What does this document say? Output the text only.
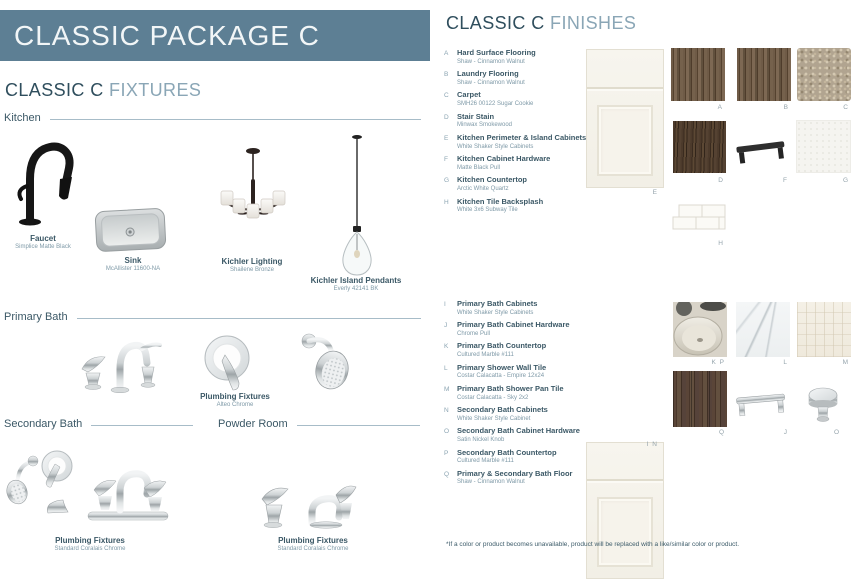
CLASSIC PACKAGE C
CLASSIC C FIXTURES
Kitchen
Faucet
Simplice Matte Black
Sink
McAllister 11600-NA
Kichler Lighting
Shailene Bronze
Kichler Island Pendants
Everly 42141 BK
Primary Bath
Plumbing Fixtures
Alteo Chrome
Secondary Bath	Powder Room
Plumbing Fixtures
Standard Coralais Chrome
Plumbing Fixtures
Standard Coralais Chrome
CLASSIC C FINISHES
A	Hard Surface Flooring
Shaw - Cinnamon Walnut
B	Laundry Flooring
Shaw - Cinnamon Walnut
C	Carpet
SMH26 00122 Sugar Cookie
D	Stair Stain
Minwax Smokewood
E	Kitchen Perimeter & Island Cabinets
White Shaker Style Cabinets
F	Kitchen Cabinet Hardware
Matte Black Pull
G	Kitchen Countertop
Arctic White Quartz
H	Kitchen Tile Backsplash
White 3x6 Subway Tile
I	Primary Bath Cabinets
White Shaker Style Cabinets
J	Primary Bath Cabinet Hardware
Chrome Pull
K	Primary Bath Countertop
Cultured Marble #111
L	Primary Shower Wall Tile
Costar Calacatta - Empire 12x24
M	Primary Bath Shower Pan Tile
Costar Calacatta - Sky 2x2
N	Secondary Bath Cabinets
White Shaker Style Cabinet
O	Secondary Bath Cabinet Hardware
Satin Nickel Knob
P	Secondary Bath Countertop
Cultured Marble #111
Q	Primary & Secondary Bath Floor
Shaw - Cinnamon Walnut
E
A	B	C
D	F	G
H
I N
K P	L	M
Q	J	O
*If a color or product becomes unavailable, product will be replaced with a like/similar color or product.
